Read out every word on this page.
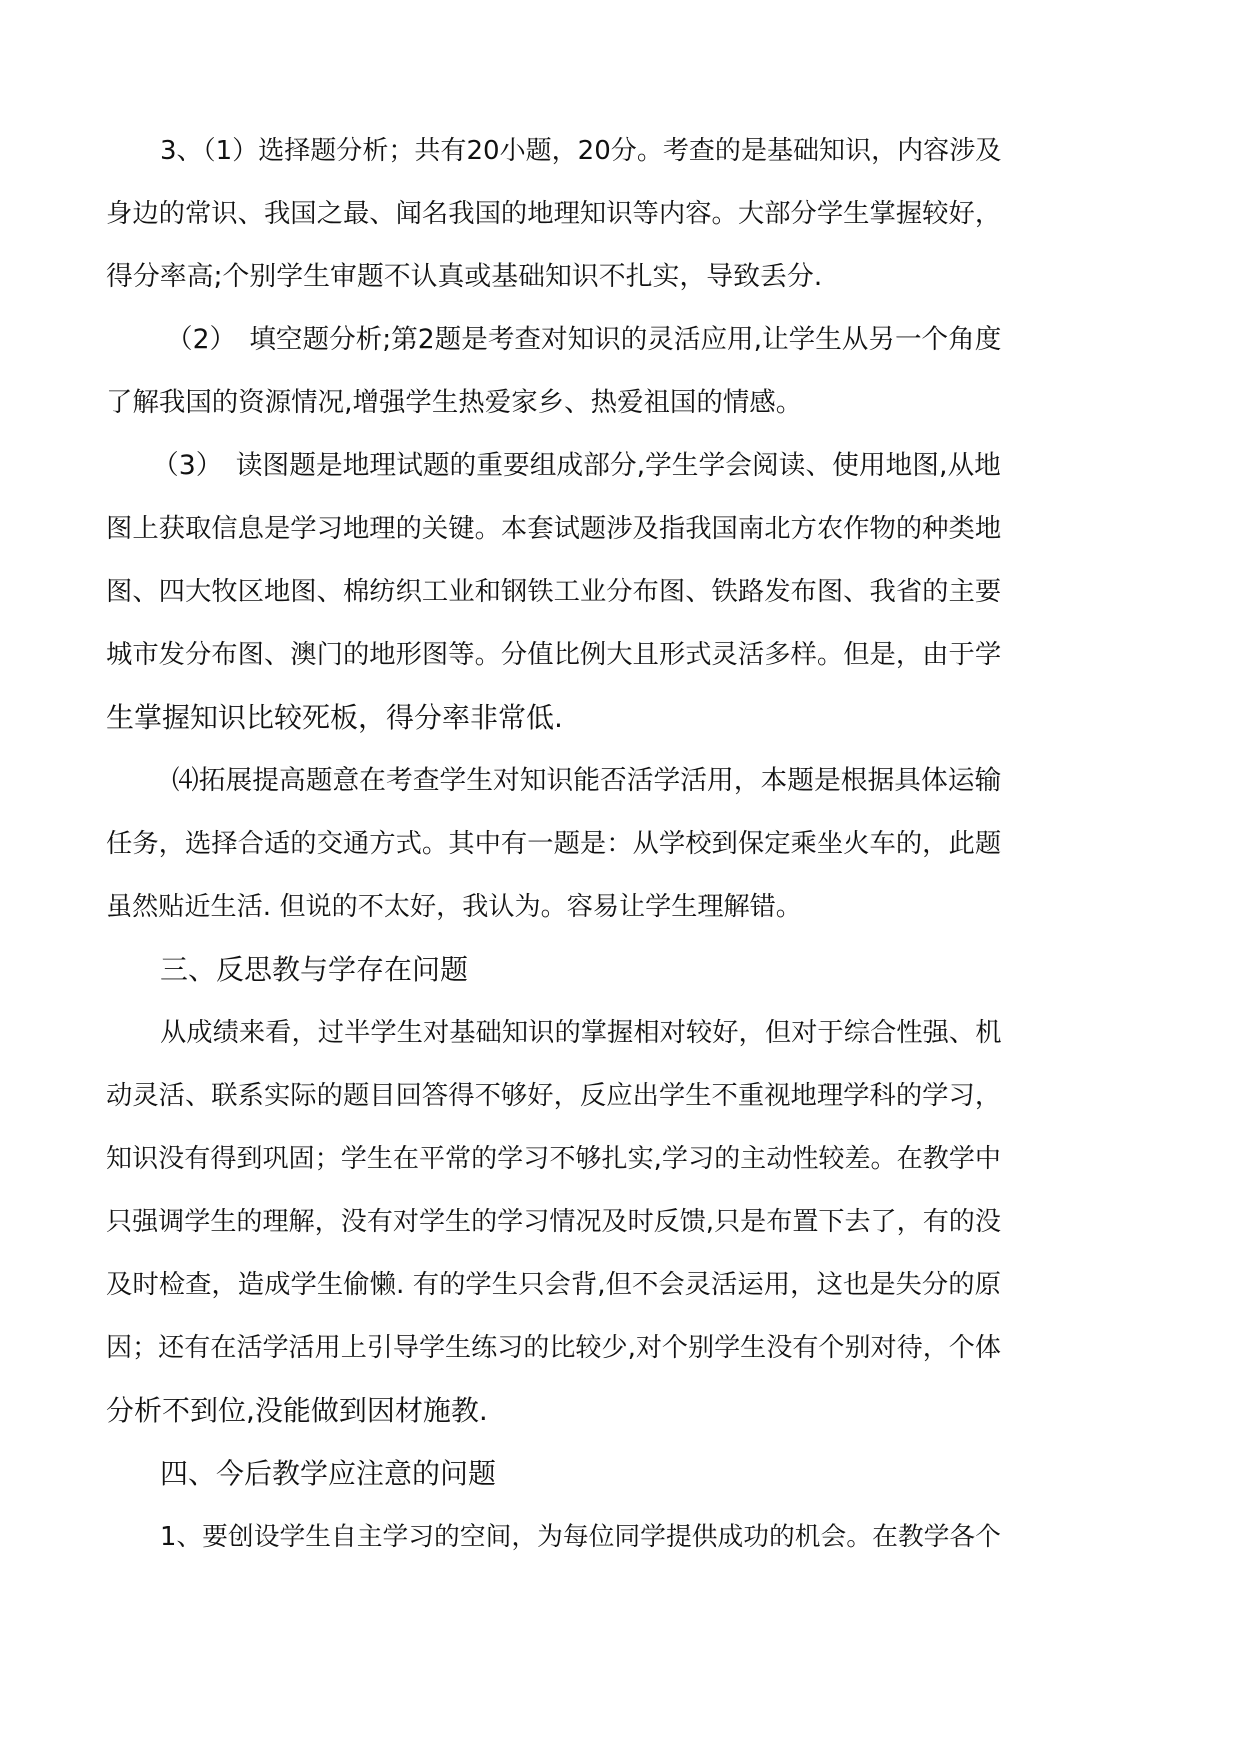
3、（1）选择题分析；共有20小题，20分。考查的是基础知识，内容涉及
身边的常识、我国之最、闻名我国的地理知识等内容。大部分学生掌握较好，
得分率高;个别学生审题不认真或基础知识不扎实，导致丢分.
（2）　填空题分析;第2题是考查对知识的灵活应用,让学生从另一个角度
了解我国的资源情况,增强学生热爱家乡、热爱祖国的情感。
（3）　读图题是地理试题的重要组成部分,学生学会阅读、使用地图,从地
图上获取信息是学习地理的关键。本套试题涉及指我国南北方农作物的种类地
图、四大牧区地图、棉纺织工业和钢铁工业分布图、铁路发布图、我省的主要
城市发分布图、澳门的地形图等。分值比例大且形式灵活多样。但是，由于学
生掌握知识比较死板，得分率非常低.
⑷拓展提高题意在考查学生对知识能否活学活用，本题是根据具体运输
任务，选择合适的交通方式。其中有一题是：从学校到保定乘坐火车的，此题
虽然贴近生活. 但说的不太好，我认为。容易让学生理解错。
三、反思教与学存在问题
从成绩来看，过半学生对基础知识的掌握相对较好，但对于综合性强、机
动灵活、联系实际的题目回答得不够好，反应出学生不重视地理学科的学习，
知识没有得到巩固；学生在平常的学习不够扎实,学习的主动性较差。在教学中
只强调学生的理解，没有对学生的学习情况及时反馈,只是布置下去了，有的没
及时检查，造成学生偷懒. 有的学生只会背,但不会灵活运用，这也是失分的原
因；还有在活学活用上引导学生练习的比较少,对个别学生没有个别对待，个体
分析不到位,没能做到因材施教.
四、今后教学应注意的问题
1、要创设学生自主学习的空间，为每位同学提供成功的机会。在教学各个
